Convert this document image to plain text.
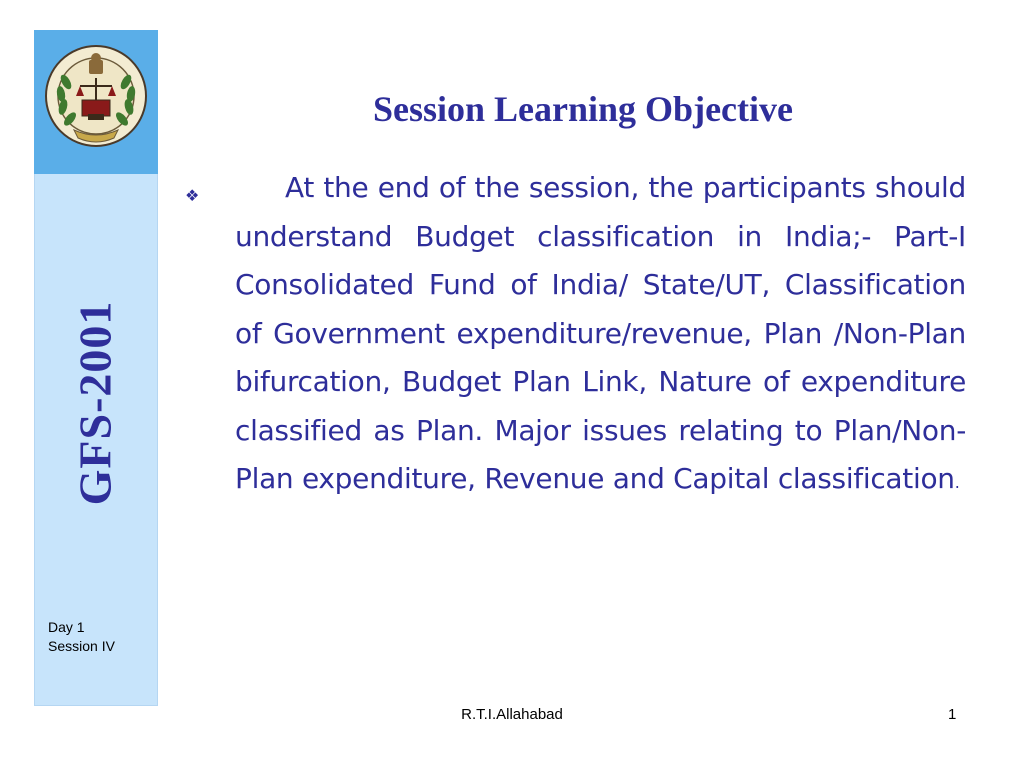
GFS-2001
Day 1
Session IV
Session Learning Objective
❖	At the end of the session, the participants should understand Budget classification in India;- Part-I Consolidated Fund of India/ State/UT, Classification of Government expenditure/revenue, Plan /Non-Plan bifurcation, Budget Plan Link, Nature of expenditure classified as Plan. Major issues relating to Plan/Non-Plan expenditure, Revenue and Capital classification.

R.T.I.Allahabad	1
